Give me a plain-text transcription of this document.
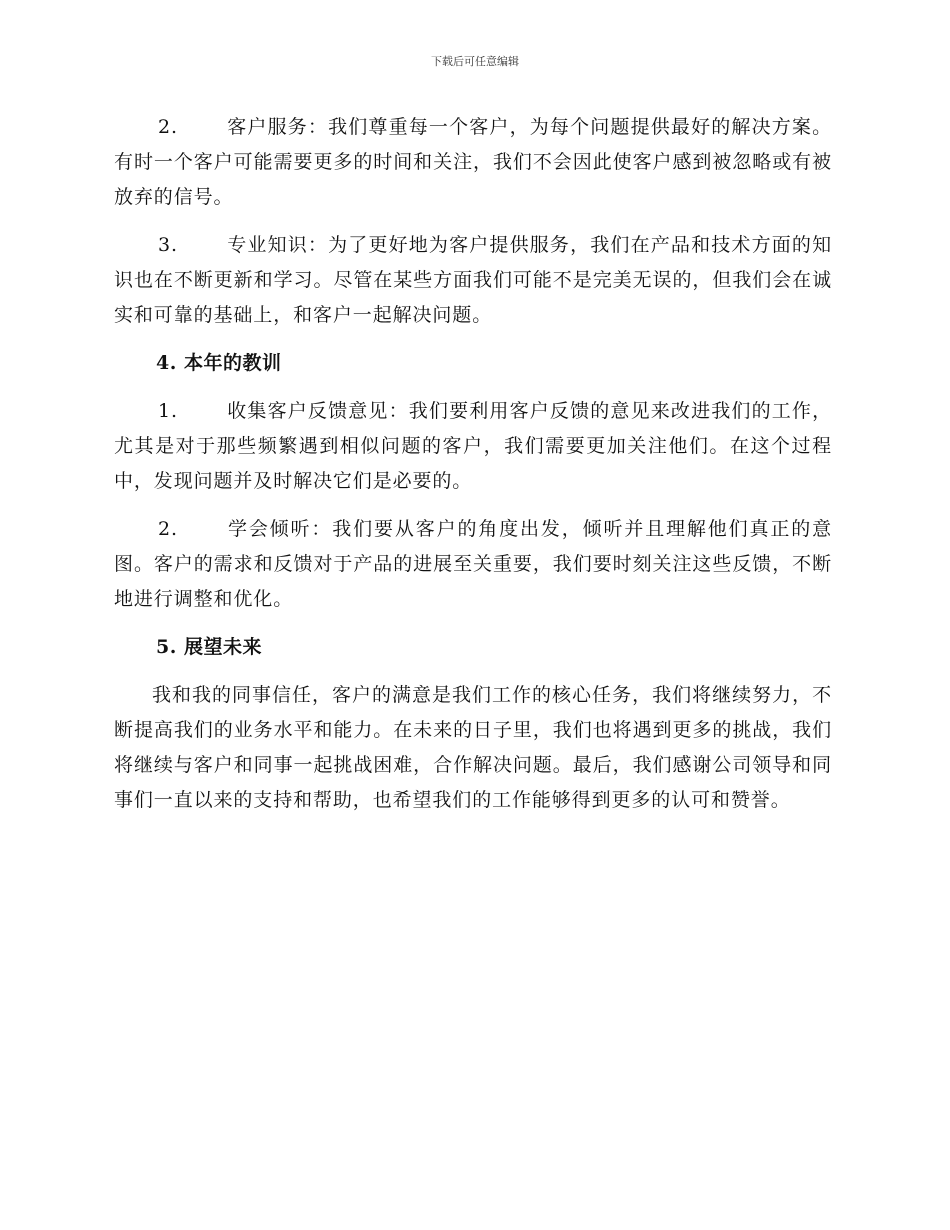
下载后可任意编辑

2.	客户服务：我们尊重每一个客户，为每个问题提供最好的解决方案。有时一个客户可能需要更多的时间和关注，我们不会因此使客户感到被忽略或有被放弃的信号。

3.	专业知识：为了更好地为客户提供服务，我们在产品和技术方面的知识也在不断更新和学习。尽管在某些方面我们可能不是完美无误的，但我们会在诚实和可靠的基础上，和客户一起解决问题。

4. 本年的教训

1.	收集客户反馈意见：我们要利用客户反馈的意见来改进我们的工作，尤其是对于那些频繁遇到相似问题的客户，我们需要更加关注他们。在这个过程中，发现问题并及时解决它们是必要的。

2.	学会倾听：我们要从客户的角度出发，倾听并且理解他们真正的意图。客户的需求和反馈对于产品的进展至关重要，我们要时刻关注这些反馈，不断地进行调整和优化。

5. 展望未来

我和我的同事信任，客户的满意是我们工作的核心任务，我们将继续努力，不断提高我们的业务水平和能力。在未来的日子里，我们也将遇到更多的挑战，我们将继续与客户和同事一起挑战困难，合作解决问题。最后，我们感谢公司领导和同事们一直以来的支持和帮助，也希望我们的工作能够得到更多的认可和赞誉。
